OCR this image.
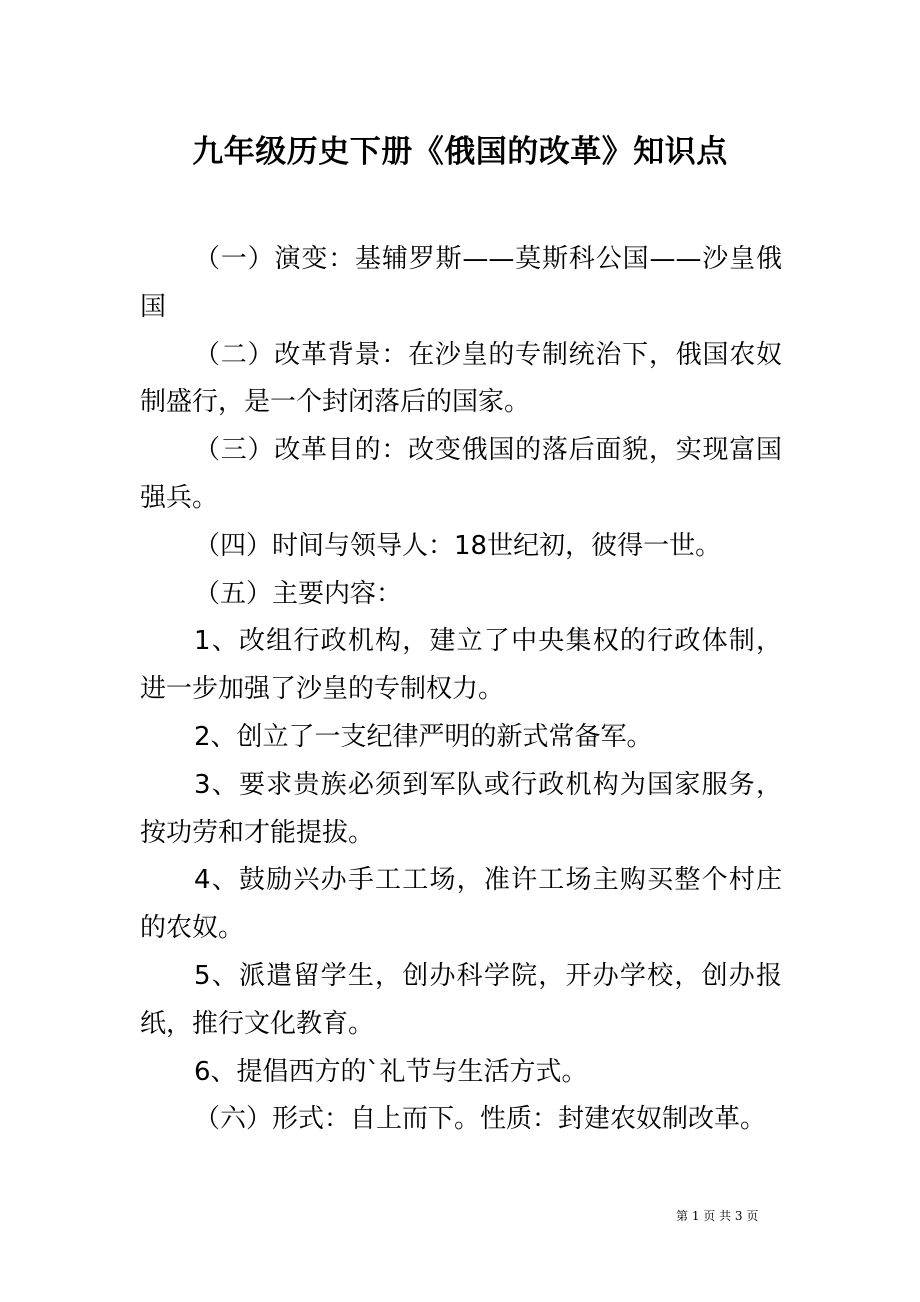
九年级历史下册《俄国的改革》知识点

（一）演变：基辅罗斯——莫斯科公国——沙皇俄国

（二）改革背景：在沙皇的专制统治下，俄国农奴制盛行，是一个封闭落后的国家。

（三）改革目的：改变俄国的落后面貌，实现富国强兵。

（四）时间与领导人：18世纪初，彼得一世。

（五）主要内容：

1、改组行政机构，建立了中央集权的行政体制，进一步加强了沙皇的专制权力。

2、创立了一支纪律严明的新式常备军。

3、要求贵族必须到军队或行政机构为国家服务，按功劳和才能提拔。

4、鼓励兴办手工工场，准许工场主购买整个村庄的农奴。

5、派遣留学生，创办科学院，开办学校，创办报纸，推行文化教育。

6、提倡西方的`礼节与生活方式。

（六）形式：自上而下。性质：封建农奴制改革。

第 1 页 共 3 页
